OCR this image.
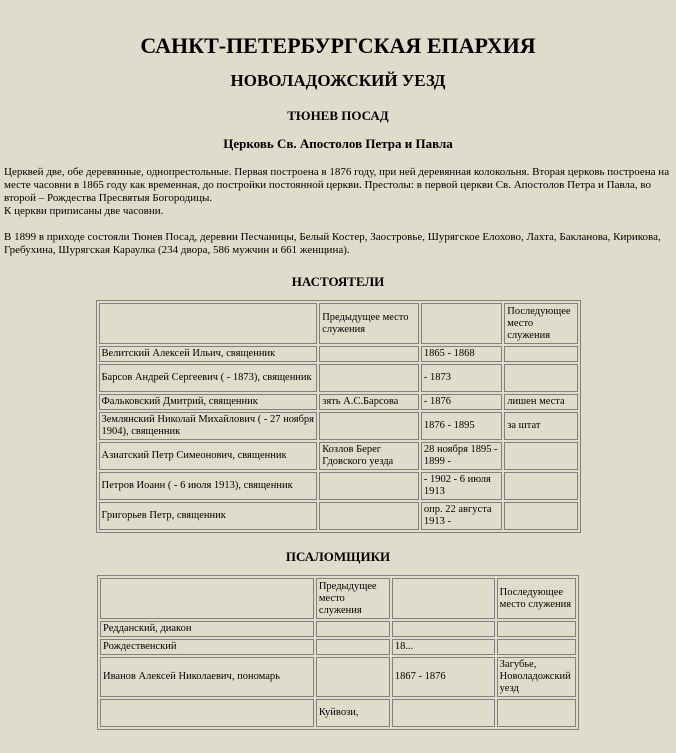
САНКТ-ПЕТЕРБУРГСКАЯ ЕПАРХИЯ
НОВОЛАДОЖСКИЙ УЕЗД
ТЮНЕВ ПОСАД
Церковь Св. Апостолов Петра и Павла

Церквей две, обе деревянные, однопрестольные. Первая построена в 1876 году, при ней деревянная колокольня. Вторая церковь построена на месте часовни в 1865 году как временная, до постройки постоянной церкви. Престолы: в первой церкви Св. Апостолов Петра и Павла, во второй – Рождества Пресвятыя Богородицы.

К церкви приписаны две часовни.

В 1899 в приходе состояли Тюнев Посад, деревни Песчаницы, Белый Костер, Заостровье, Шурягское Елохово, Лахта, Бакланова, Кирикова, Гребухина, Шурягская Караулка (234 двора, 586 мужчин и 661 женщина).

НАСТОЯТЕЛИ
	Предыдущее место служения		Последующее место служения
Велитский Алексей Ильич, священник		1865 - 1868	
Барсов Андрей Сергеевич ( - 1873), священник		- 1873	
Фальковский Дмитрий, священник	зять А.С.Барсова	- 1876	лишен места
Землянский Николай Михайлович ( - 27 ноября 1904), священник		1876 - 1895	за штат
Азиатский Петр Симеонович, священник	Козлов Берег Гдовского уезда	28 ноября 1895 - 1899 -	
Петров Иоанн ( - 6 июля 1913), священник		- 1902 - 6 июля 1913	
Григорьев Петр, священник		опр. 22 августа 1913 -	
ПСАЛОМЩИКИ
	Предыдущее место служения		Последующее место служения
Редданский, диакон			
Рождественский		18...	
Иванов Алексей Николаевич, пономарь		1867 - 1876	Загубье, Новоладожский уезд
	Куйвози,		
